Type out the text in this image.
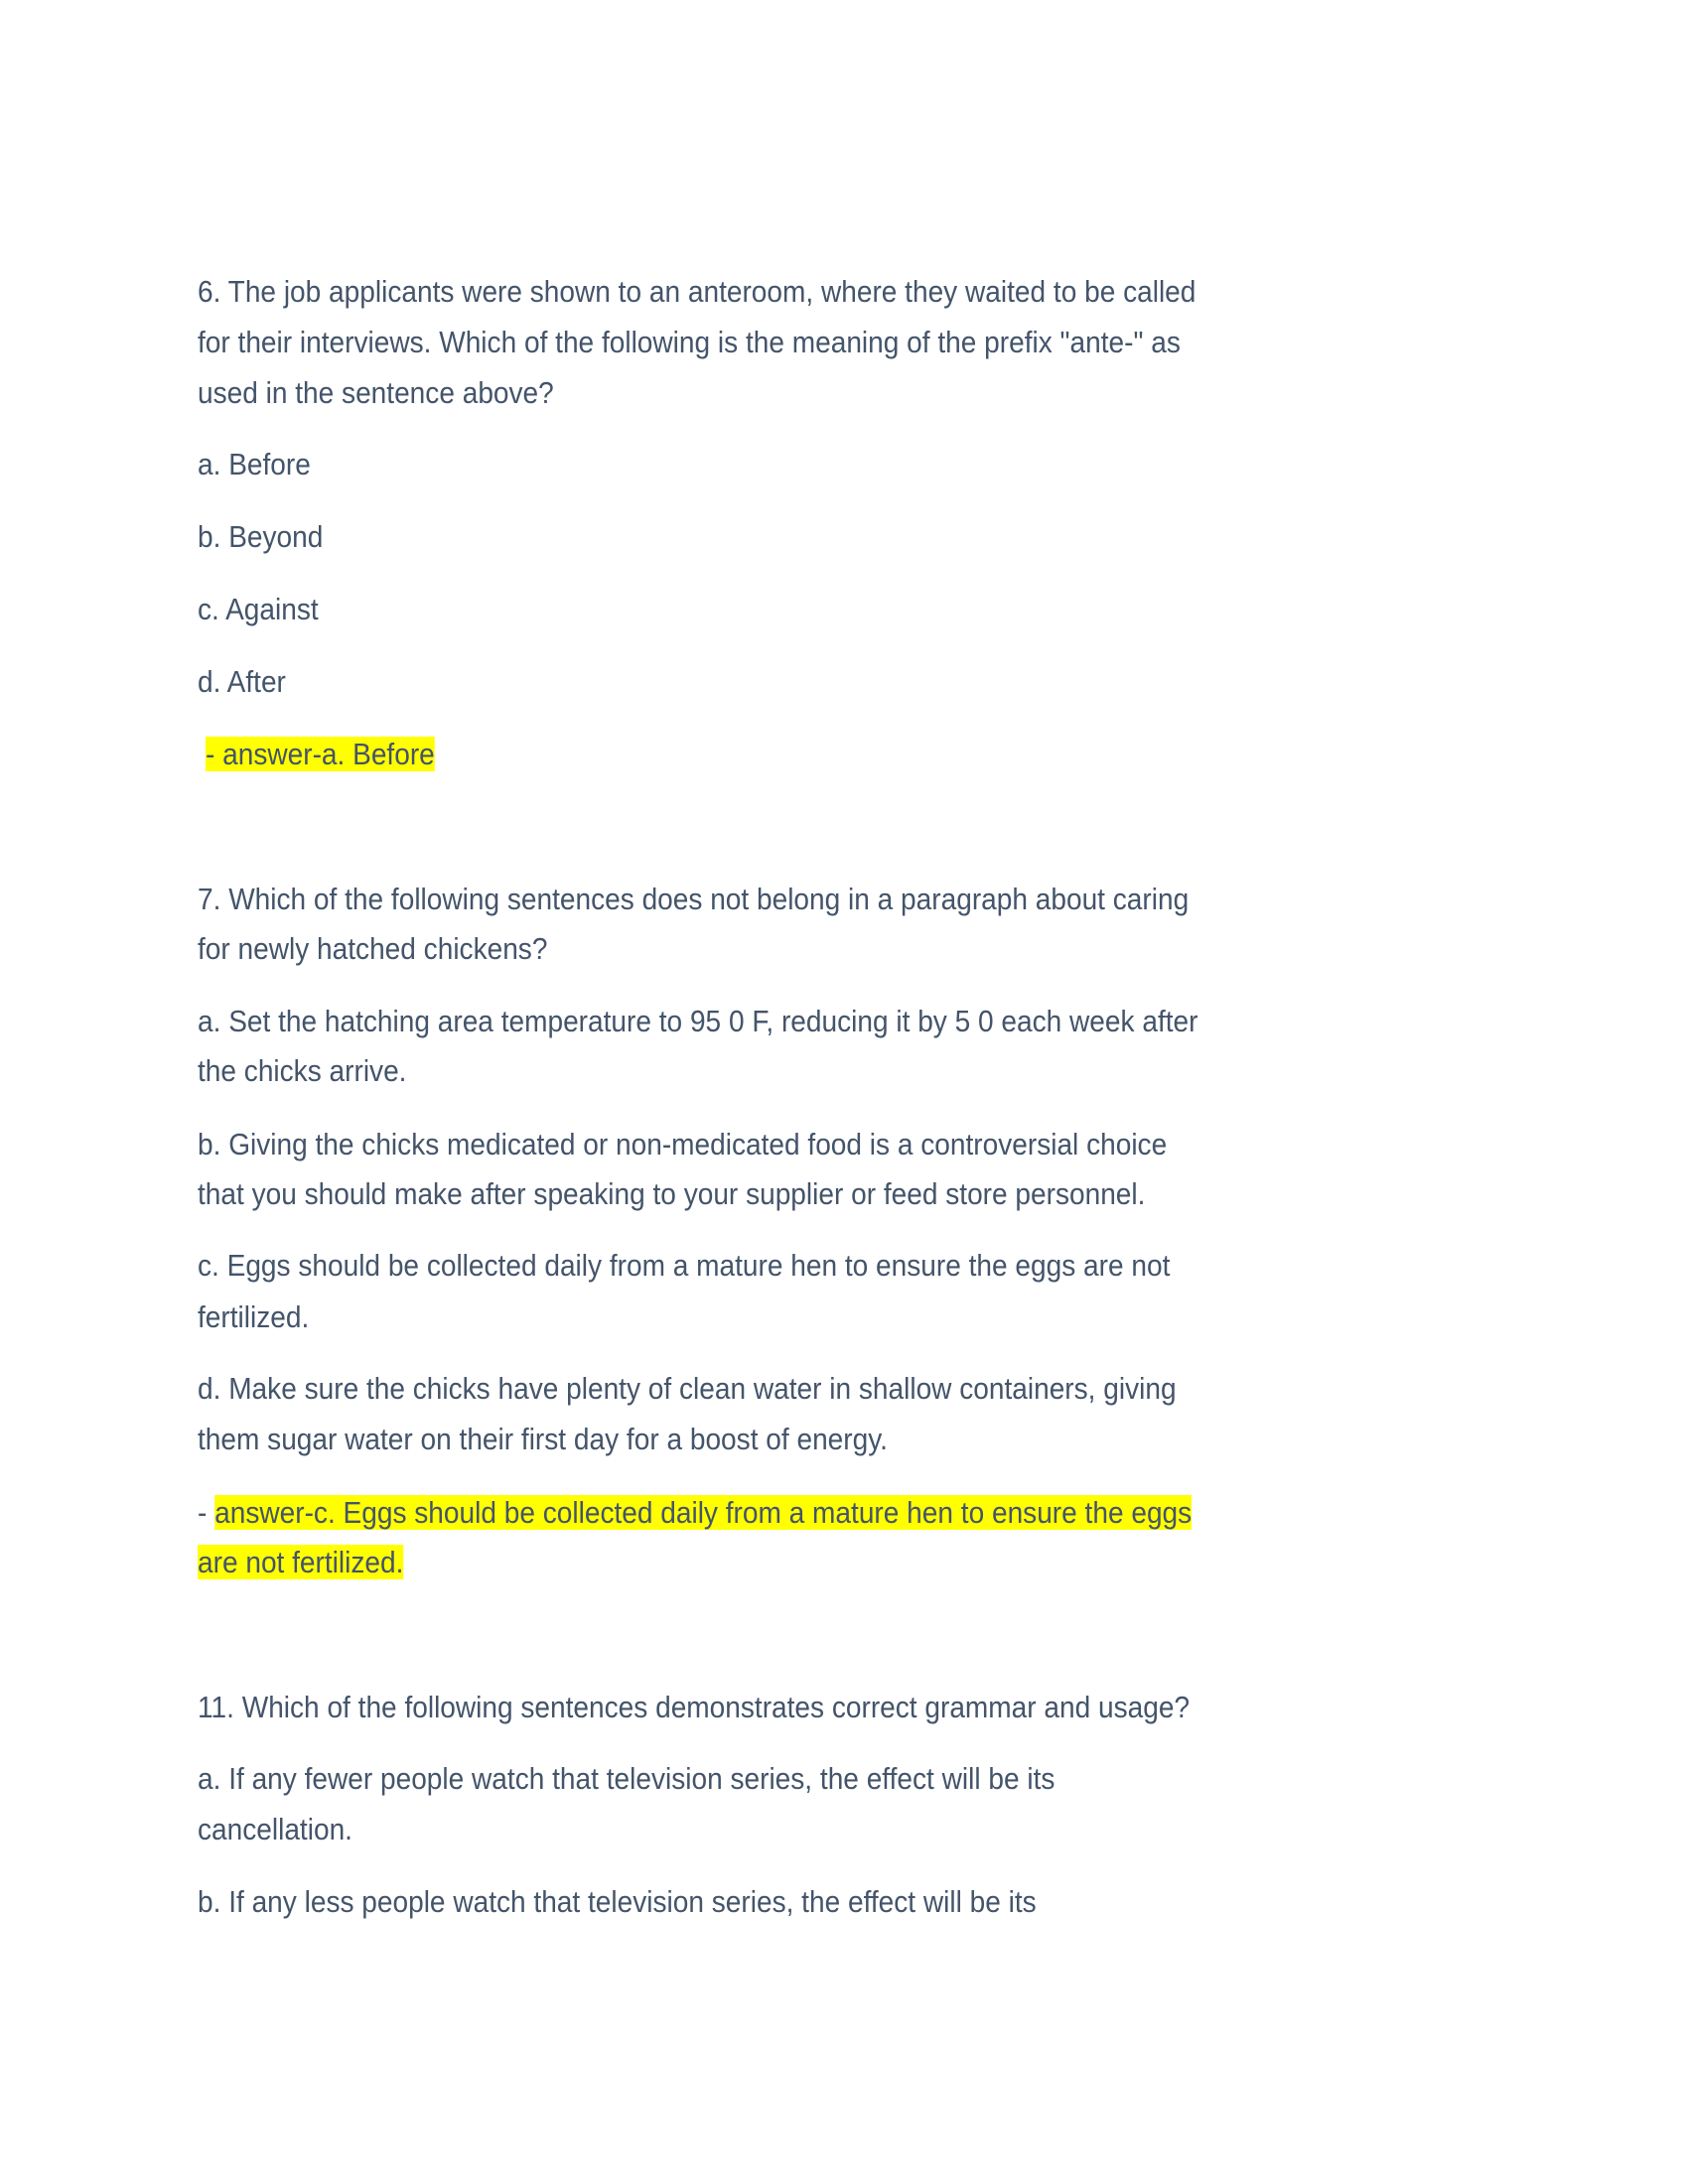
6. The job applicants were shown to an anteroom, where they waited to be called
for their interviews. Which of the following is the meaning of the prefix "ante-" as
used in the sentence above?
a. Before
b. Beyond
c. Against
d. After
- answer-a. Before
7. Which of the following sentences does not belong in a paragraph about caring
for newly hatched chickens?
a. Set the hatching area temperature to 95 0 F, reducing it by 5 0 each week after
the chicks arrive.
b. Giving the chicks medicated or non-medicated food is a controversial choice
that you should make after speaking to your supplier or feed store personnel.
c. Eggs should be collected daily from a mature hen to ensure the eggs are not
fertilized.
d. Make sure the chicks have plenty of clean water in shallow containers, giving
them sugar water on their first day for a boost of energy.
- answer-c. Eggs should be collected daily from a mature hen to ensure the eggs
are not fertilized.
11. Which of the following sentences demonstrates correct grammar and usage?
a. If any fewer people watch that television series, the effect will be its
cancellation.
b. If any less people watch that television series, the effect will be its
